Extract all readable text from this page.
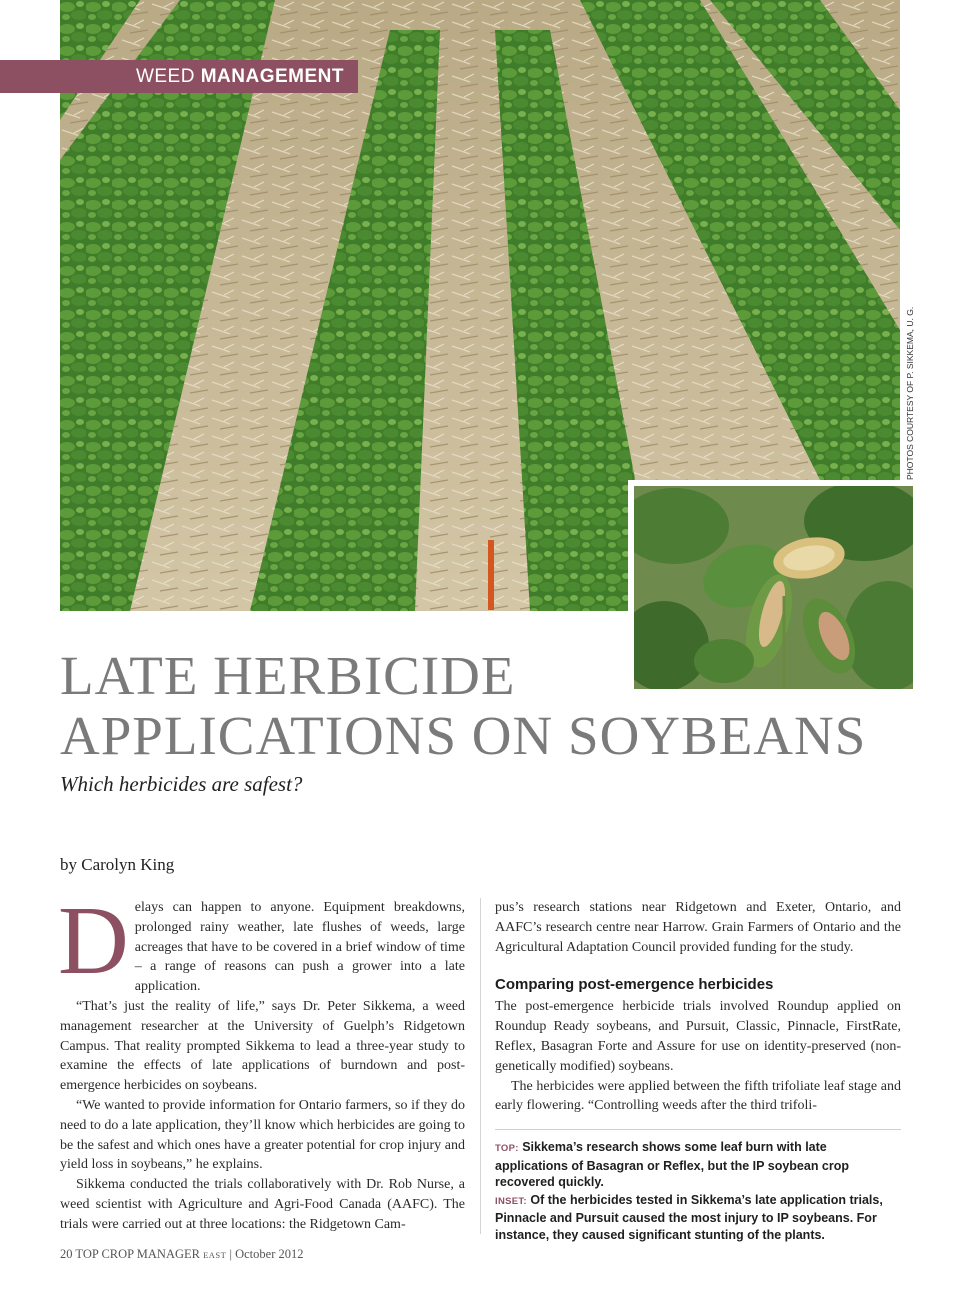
WEED MANAGEMENT
PHOTOS COURTESY OF P. SIKKEMA, U. G.
LATE HERBICIDE
APPLICATIONS ON SOYBEANS
Which herbicides are safest?
by Carolyn King

Delays can happen to anyone. Equipment breakdowns, prolonged rainy weather, late flushes of weeds, large acreages that have to be covered in a brief window of time – a range of reasons can push a grower into a late application.

“That’s just the reality of life,” says Dr. Peter Sikkema, a weed management researcher at the University of Guelph’s Ridgetown Campus. That reality prompted Sikkema to lead a three-year study to examine the effects of late applications of burndown and post-emergence herbicides on soybeans.

“We wanted to provide information for Ontario farmers, so if they do need to do a late application, they’ll know which herbicides are going to be the safest and which ones have a greater potential for crop injury and yield loss in soybeans,” he explains.

Sikkema conducted the trials collaboratively with Dr. Rob Nurse, a weed scientist with Agriculture and Agri-Food Canada (AAFC). The trials were carried out at three locations: the Ridgetown Cam-

pus’s research stations near Ridgetown and Exeter, Ontario, and AAFC’s research centre near Harrow. Grain Farmers of Ontario and the Agricultural Adaptation Council provided funding for the study.

Comparing post-emergence herbicides

The post-emergence herbicide trials involved Roundup applied on Roundup Ready soybeans, and Pursuit, Classic, Pinnacle, FirstRate, Reflex, Basagran Forte and Assure for use on identity-preserved (non-genetically modified) soybeans.

The herbicides were applied between the fifth trifoliate leaf stage and early flowering. “Controlling weeds after the third trifoli-

TOP: Sikkema’s research shows some leaf burn with late applications of Basagran or Reflex, but the IP soybean crop recovered quickly.

INSET: Of the herbicides tested in Sikkema’s late application trials, Pinnacle and Pursuit caused the most injury to IP soybeans. For instance, they caused significant stunting of the plants.

20 TOP CROP MANAGER EAST | October 2012
